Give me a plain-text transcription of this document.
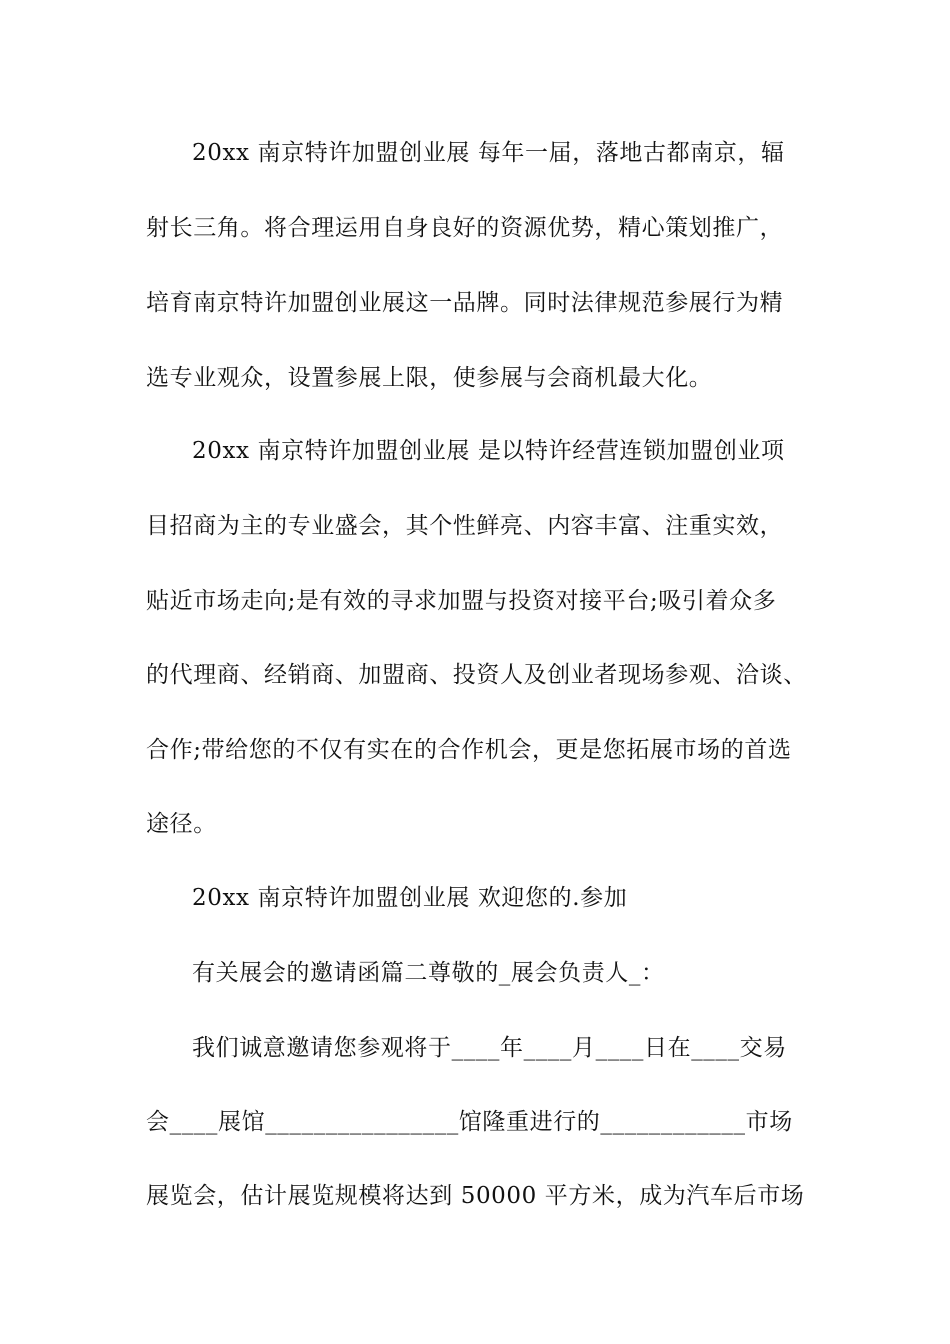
20xx 南京特许加盟创业展 每年一届，落地古都南京，辐
射长三角。将合理运用自身良好的资源优势，精心策划推广，
培育南京特许加盟创业展这一品牌。同时法律规范参展行为精
选专业观众，设置参展上限，使参展与会商机最大化。
20xx 南京特许加盟创业展 是以特许经营连锁加盟创业项
目招商为主的专业盛会，其个性鲜亮、内容丰富、注重实效，
贴近市场走向;是有效的寻求加盟与投资对接平台;吸引着众多
的代理商、经销商、加盟商、投资人及创业者现场参观、洽谈、
合作;带给您的不仅有实在的合作机会，更是您拓展市场的首选
途径。
20xx 南京特许加盟创业展 欢迎您的.参加
有关展会的邀请函篇二尊敬的_展会负责人_：
我们诚意邀请您参观将于____年____月____日在____交易
会____展馆________________馆隆重进行的____________市场
展览会，估计展览规模将达到 50000 平方米，成为汽车后市场
